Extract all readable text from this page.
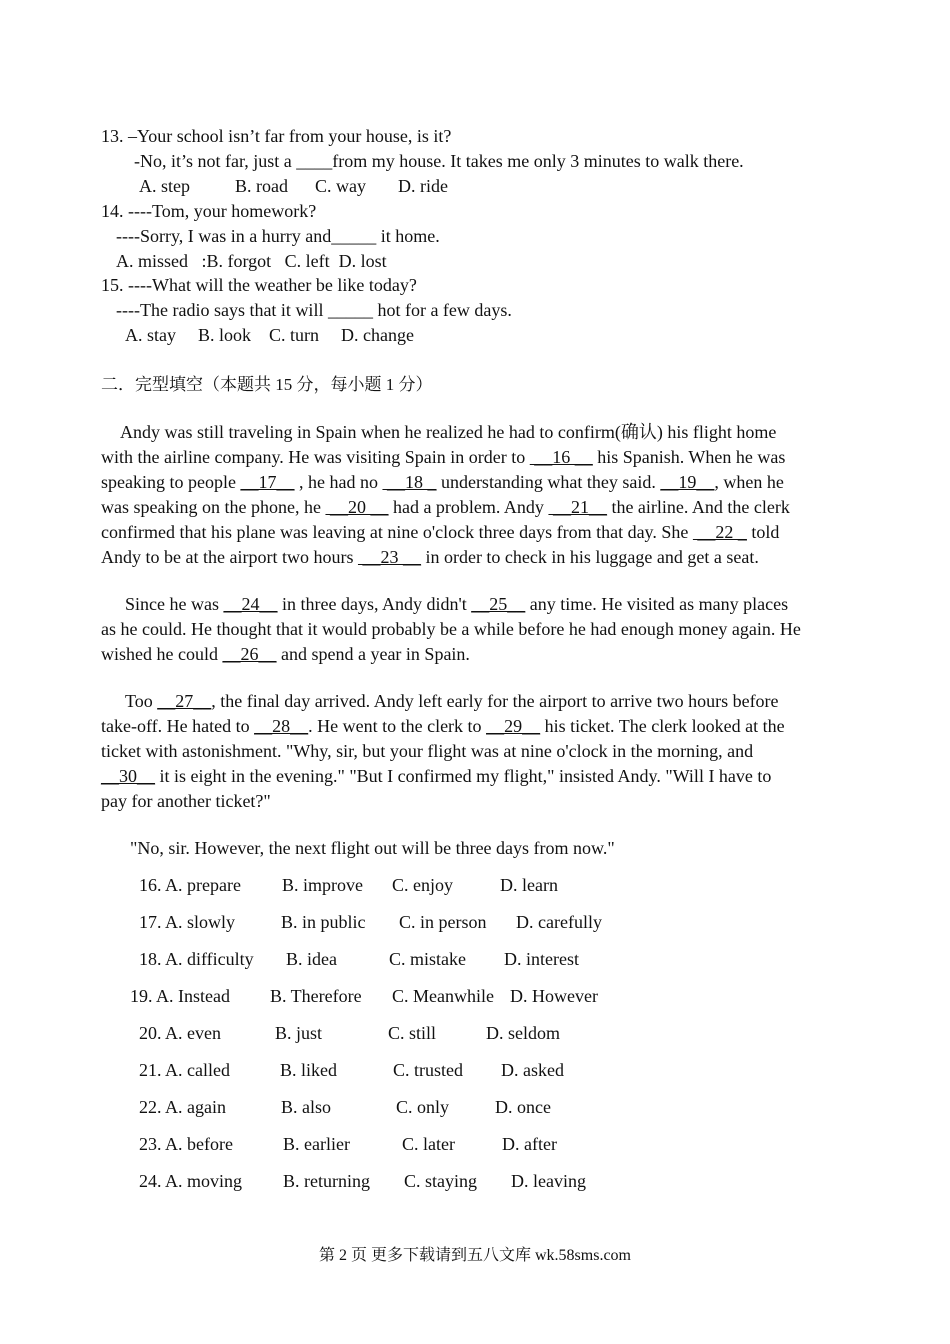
13. –Your school isn’t far from your house, is it?
-No, it’s not far, just a ____from my house. It takes me only 3 minutes to walk there.
A. step	B. road C. way D. ride
14. ----Tom, your homework?
----Sorry, I was in a hurry and_____ it home.
A. missed   :B. forgot   C. left  D. lost
15. ----What will the weather be like today?
----The radio says that it will _____ hot for a few days.
A. stay B. look C. turn D. change
二．完型填空（本题共 15 分，每小题 1 分）
Andy was still traveling in Spain when he realized he had to confirm(确认) his flight home
with the airline company. He was visiting Spain in order to  __16 __ his Spanish. When he was
speaking to people __17__ , he had no  __18 _ understanding what they said. __19__, when he
was speaking on the phone, he  __20 __ had a problem. Andy  __21__ the airline. And the clerk
confirmed that his plane was leaving at nine o'clock three days from that day. She  __22 _ told
Andy to be at the airport two hours  __23 __ in order to check in his luggage and get a seat.
Since he was __24__ in three days, Andy didn't __25__ any time. He visited as many places
as he could. He thought that it would probably be a while before he had enough money again. He
wished he could __26__ and spend a year in Spain.
Too __27__, the final day arrived. Andy left early for the airport to arrive two hours before
take-off. He hated to __28__. He went to the clerk to __29__ his ticket. The clerk looked at the
ticket with astonishment. "Why, sir, but your flight was at nine o'clock in the morning, and
__30__ it is eight in the evening." "But I confirmed my flight," insisted Andy. "Will I have to
pay for another ticket?"
"No, sir. However, the next flight out will be three days from now."
16. A. prepare B. improve C. enjoy	D. learn
17. A. slowly	B. in public C. in person D. carefully
18. A. difficulty B. idea	C. mistake D. interest
19. A. Instead B. Therefore C. Meanwhile D. However
20. A. even	B. just	C. still	D. seldom
21. A. called	B. liked	C. trusted D. asked
22. A. again	B. also	C. only	D. once
23. A. before	B. earlier	C. later	D. after
24. A. moving B. returning C. staying D. leaving
第 2 页 更多下载请到五八文库 wk.58sms.com
